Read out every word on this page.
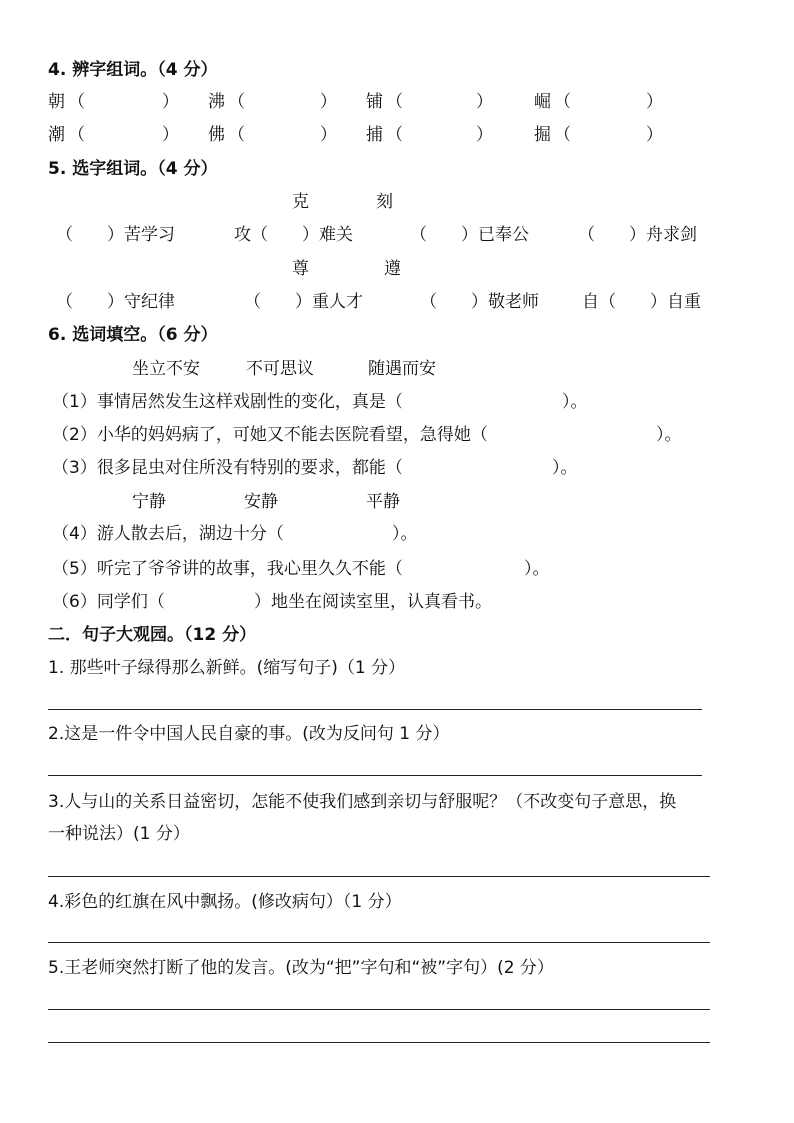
4. 辨字组词。（4 分）
朝 （	） 沸 （	） 铺 （	） 崛 （	）
潮 （	） 佛 （	） 捕 （	） 掘 （	）
5. 选字组词。（4 分）
克	刻
（　　）苦学习	攻（　　）难关	（　　）已奉公	（　　）舟求剑
尊	遵
（　　）守纪律	（　　）重人才	（　　）敬老师	自（　　）自重
6. 选词填空。（6 分）
坐立不安	不可思议	随遇而安
（1）事情居然发生这样戏剧性的变化，真是（	）。
（2）小华的妈妈病了，可她又不能去医院看望，急得她（	）。
（3）很多昆虫对住所没有特别的要求，都能（	）。
宁静	安静	平静
（4）游人散去后，湖边十分（	）。
（5）听完了爷爷讲的故事，我心里久久不能（	）。
（6）同学们（	）地坐在阅读室里，认真看书。
二．句子大观园。（12 分）
1. 那些叶子绿得那么新鲜。(缩写句子)（1 分）
2.这是一件令中国人民自豪的事。(改为反问句 1 分）
3.人与山的关系日益密切，怎能不使我们感到亲切与舒服呢？（不改变句子意思，换
一种说法）(1 分）
4.彩色的红旗在风中飘扬。(修改病句）（1 分）
5.王老师突然打断了他的发言。(改为“把”字句和“被”字句）(2 分）
